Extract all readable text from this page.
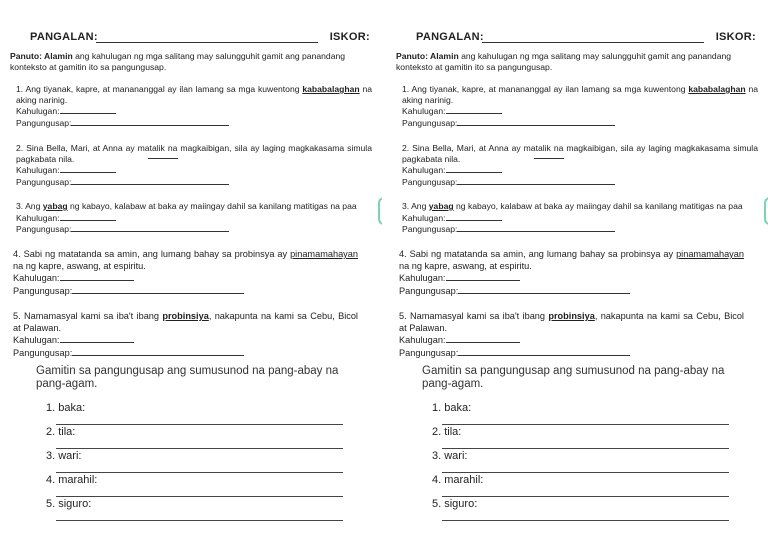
PANGALAN:	ISKOR:
Panuto: Alamin ang kahulugan ng mga salitang may salungguhit gamit ang panandang konteksto at gamitin ito sa pangungusap.

1. Ang tiyanak, kapre, at manananggal ay ilan lamang sa mga kuwentong kababalaghan na aking narinig.

Kahulugan:
Pangungusap:

2. Sina Bella, Mari, at Anna ay matalik na magkaibigan, sila ay laging magkakasama simula pagkabata nila.

Kahulugan:
Pangungusap:

3. Ang yabag ng kabayo, kalabaw at baka ay maiingay dahil sa kanilang matitigas na paa

Kahulugan:
Pangungusap:

4. Sabi ng matatanda sa amin, ang lumang bahay sa probinsya ay pinamamahayan na ng kapre, aswang, at espiritu.

Kahulugan:
Pangungusap:

5. Namamasyal kami sa iba't ibang probinsiya, nakapunta na kami sa Cebu, Bicol at Palawan.

Kahulugan:
Pangungusap:
Gamitin sa pangungusap ang sumusunod na pang-abay na pang-agam.
1. baka:
2. tila:
3. wari:
4. marahil:
5. siguro:
PANGALAN:	ISKOR:
Panuto: Alamin ang kahulugan ng mga salitang may salungguhit gamit ang panandang konteksto at gamitin ito sa pangungusap.

1. Ang tiyanak, kapre, at manananggal ay ilan lamang sa mga kuwentong kababalaghan na aking narinig.

Kahulugan:
Pangungusap:

2. Sina Bella, Mari, at Anna ay matalik na magkaibigan, sila ay laging magkakasama simula pagkabata nila.

Kahulugan:
Pangungusap:

3. Ang yabag ng kabayo, kalabaw at baka ay maiingay dahil sa kanilang matitigas na paa

Kahulugan:
Pangungusap:

4. Sabi ng matatanda sa amin, ang lumang bahay sa probinsya ay pinamamahayan na ng kapre, aswang, at espiritu.

Kahulugan:
Pangungusap:

5. Namamasyal kami sa iba't ibang probinsiya, nakapunta na kami sa Cebu, Bicol at Palawan.

Kahulugan:
Pangungusap:
Gamitin sa pangungusap ang sumusunod na pang-abay na pang-agam.
1. baka:
2. tila:
3. wari:
4. marahil:
5. siguro:
